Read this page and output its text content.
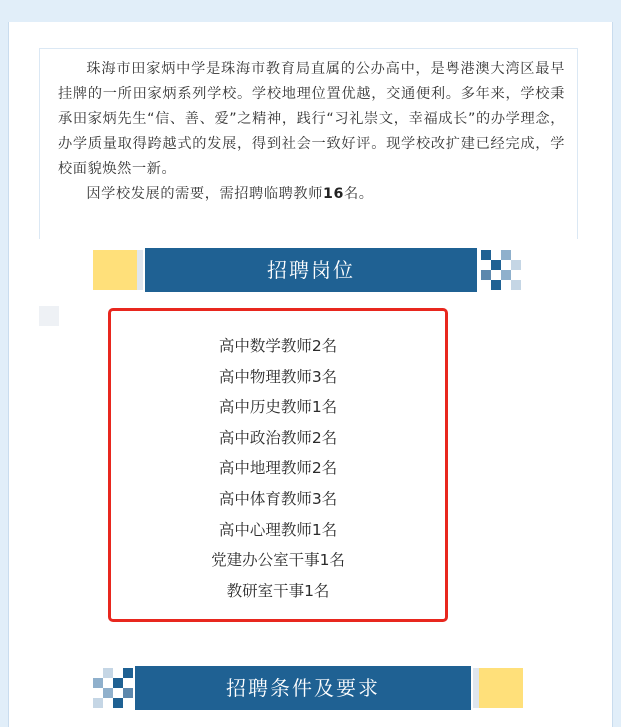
珠海市田家炳中学是珠海市教育局直属的公办高中，是粤港澳大湾区最早挂牌的一所田家炳系列学校。学校地理位置优越，交通便利。多年来，学校秉承田家炳先生“信、善、爱”之精神，践行“习礼崇文，幸福成长”的办学理念，办学质量取得跨越式的发展，得到社会一致好评。现学校改扩建已经完成，学校面貌焕然一新。

因学校发展的需要，需招聘临聘教师16名。

招聘岗位
高中数学教师2名
高中物理教师3名
高中历史教师1名
高中政治教师2名
高中地理教师2名
高中体育教师3名
高中心理教师1名
党建办公室干事1名
教研室干事1名
招聘条件及要求
